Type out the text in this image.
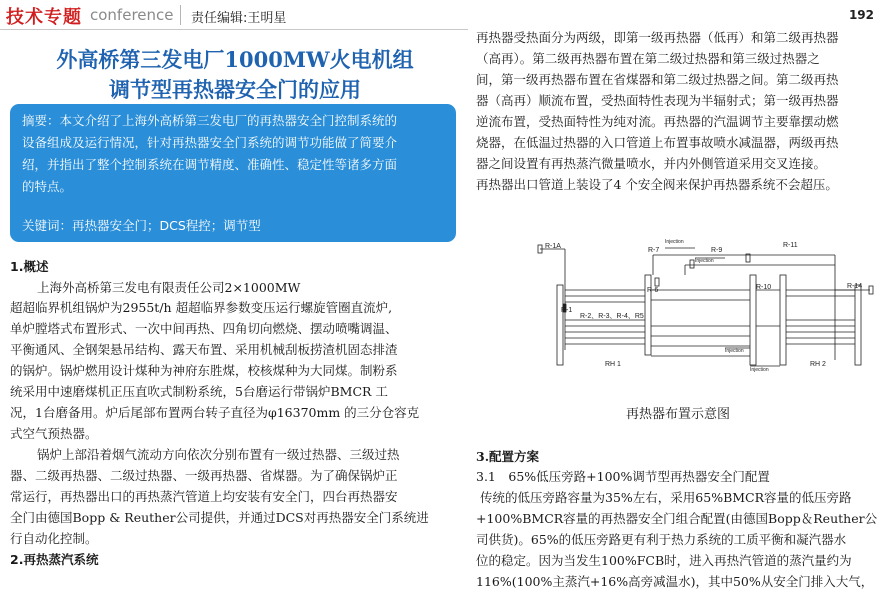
技术专题 conference 责任编辑:王明星	192
外高桥第三发电厂1000MW火电机组
调节型再热器安全门的应用
摘要：本文介绍了上海外高桥第三发电厂的再热器安全门控制系统的
设备组成及运行情况，针对再热器安全门系统的调节功能做了简要介
绍，并指出了整个控制系统在调节精度、准确性、稳定性等诸多方面
的特点。
关键词：再热器安全门；DCS程控；调节型
1.概述
上海外高桥第三发电有限责任公司2×1000MW
超超临界机组锅炉为2955t/h 超超临界参数变压运行螺旋管圈直流炉,
单炉膛塔式布置形式、一次中间再热、四角切向燃烧、摆动喷嘴调温、
平衡通风、全钢架悬吊结构、露天布置、采用机械刮板捞渣机固态排渣
的锅炉。锅炉燃用设计煤种为神府东胜煤，校核煤种为大同煤。制粉系
统采用中速磨煤机正压直吹式制粉系统，5台磨运行带锅炉BMCR 工
况，1台磨备用。炉后尾部布置两台转子直径为φ16370mm 的三分仓容克
式空气预热器。
锅炉上部沿着烟气流动方向依次分别布置有一级过热器、三级过热
器、二级再热器、二级过热器、一级再热器、省煤器。为了确保锅炉正
常运行，再热器出口的再热蒸汽管道上均安装有安全门，四台再热器安
全门由德国Bopp & Reuther公司提供，并通过DCS对再热器安全门系统进
行自动化控制。
2.再热蒸汽系统
再热器受热面分为两级，即第一级再热器（低再）和第二级再热器
（高再）。第二级再热器布置在第二级过热器和第三级过热器之
间，第一级再热器布置在省煤器和第二级过热器之间。第二级再热
器（高再）顺流布置，受热面特性表现为半辐射式；第一级再热器
逆流布置，受热面特性为纯对流。再热器的汽温调节主要靠摆动燃
烧器，在低温过热器的入口管道上布置事故喷水减温器，两级再热
器之间设置有再热蒸汽微量喷水，并内外侧管道采用交叉连接。
再热器出口管道上装设了4 个安全阀来保护再热器系统不会超压。
R-1A
R-1
R-2、R-3、R-4、R5
R-6
R-7	R-9
R-10
R-11
R-14
Injection
Injection
Injection
Injection
RH 1	RH 2
再热器布置示意图
3.配置方案
3.1　65%低压旁路+100%调节型再热器安全门配置
传统的低压旁路容量为35%左右，采用65%BMCR容量的低压旁路
+100%BMCR容量的再热器安全门组合配置(由德国Bopp＆Reuther公
司供货)。65%的低压旁路更有利于热力系统的工质平衡和凝汽器水
位的稳定。因为当发生100%FCB时，进入再热汽管道的蒸汽量约为
116%(100%主蒸汽+16%高旁减温水)，其中50%从安全门排入大气，
